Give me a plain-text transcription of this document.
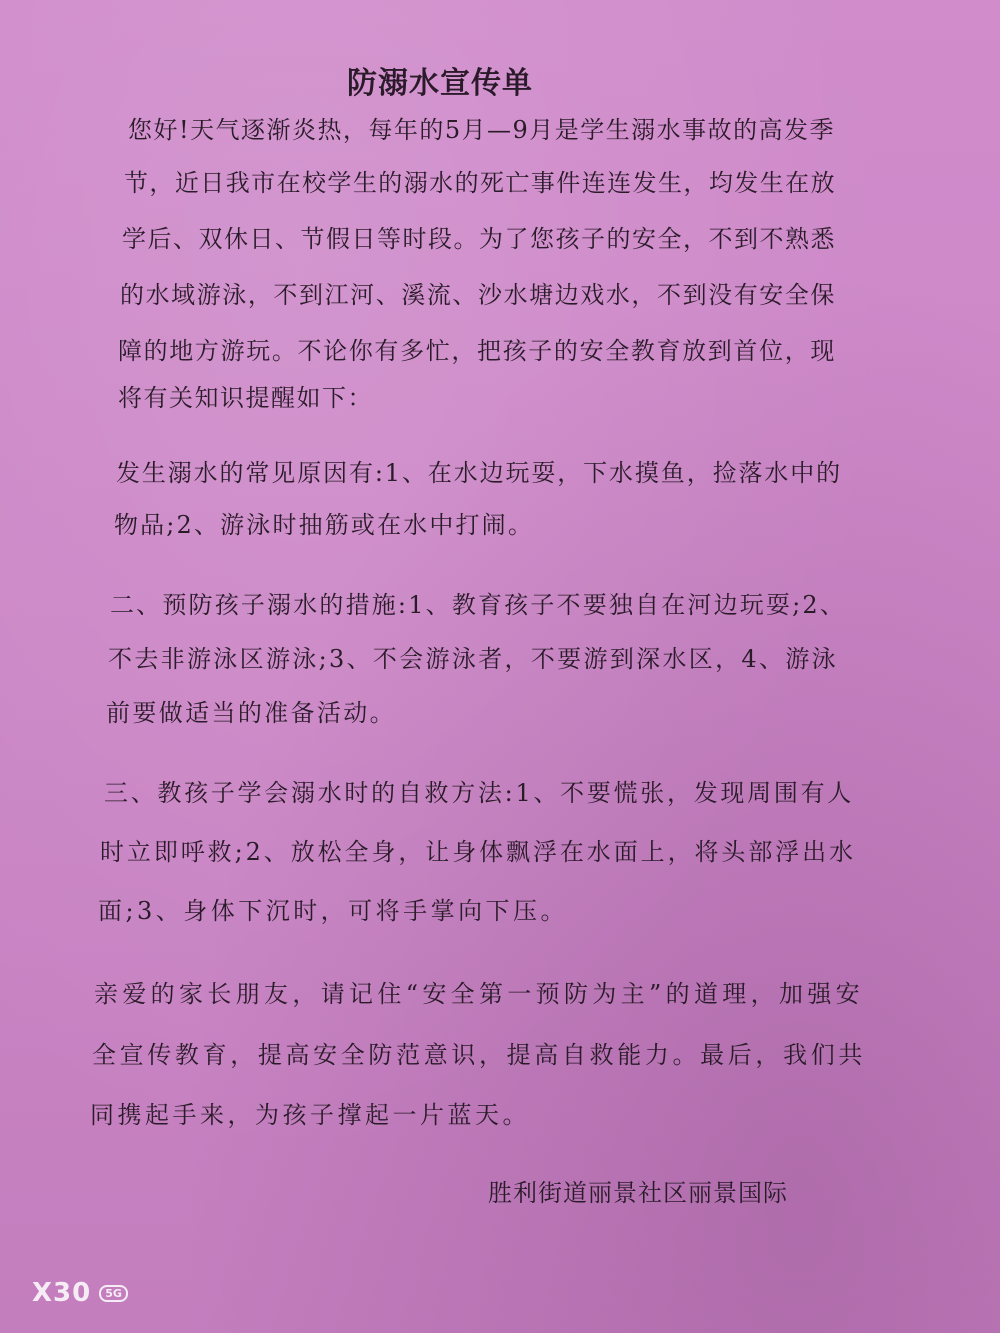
防溺水宣传单
您好!天气逐渐炎热，每年的5月—9月是学生溺水事故的高发季
节，近日我市在校学生的溺水的死亡事件连连发生，均发生在放
学后、双休日、节假日等时段。为了您孩子的安全，不到不熟悉
的水域游泳，不到江河、溪流、沙水塘边戏水，不到没有安全保
障的地方游玩。不论你有多忙，把孩子的安全教育放到首位，现
将有关知识提醒如下：
发生溺水的常见原因有:1、在水边玩耍，下水摸鱼，捡落水中的
物品;2、游泳时抽筋或在水中打闹。
二、预防孩子溺水的措施:1、教育孩子不要独自在河边玩耍;2、
不去非游泳区游泳;3、不会游泳者，不要游到深水区，4、游泳
前要做适当的准备活动。
三、教孩子学会溺水时的自救方法:1、不要慌张，发现周围有人
时立即呼救;2、放松全身，让身体飘浮在水面上，将头部浮出水
面;3、身体下沉时，可将手掌向下压。
亲爱的家长朋友，请记住“安全第一预防为主”的道理，加强安
全宣传教育，提高安全防范意识，提高自救能力。最后，我们共
同携起手来，为孩子撑起一片蓝天。
胜利街道丽景社区丽景国际
X30	5G
